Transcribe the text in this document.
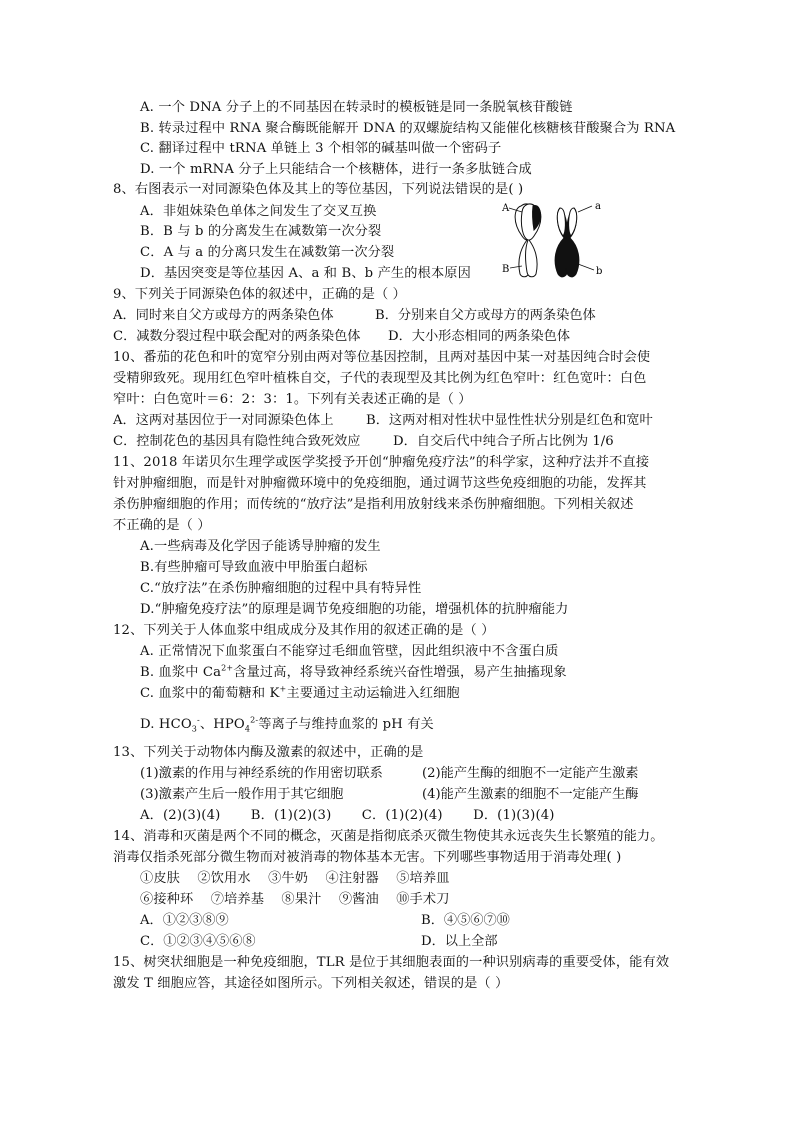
A. 一个 DNA 分子上的不同基因在转录时的模板链是同一条脱氧核苷酸链
B. 转录过程中 RNA 聚合酶既能解开 DNA 的双螺旋结构又能催化核糖核苷酸聚合为 RNA
C. 翻译过程中 tRNA 单链上 3 个相邻的碱基叫做一个密码子
D. 一个 mRNA 分子上只能结合一个核糖体，进行一条多肽链合成
8、右图表示一对同源染色体及其上的等位基因，下列说法错误的是( )
A．非姐妹染色单体之间发生了交叉互换
B．B 与 b 的分离发生在减数第一次分裂
C．A 与 a 的分离只发生在减数第一次分裂
D．基因突变是等位基因 A、a 和 B、b 产生的根本原因
A
B
a
b
9、下列关于同源染色体的叙述中，正确的是（ ）
A．同时来自父方或母方的两条染色体	B．分别来自父方或母方的两条染色体
C．减数分裂过程中联会配对的两条染色体 D．大小形态相同的两条染色体
10、番茄的花色和叶的宽窄分别由两对等位基因控制，且两对基因中某一对基因纯合时会使
受精卵致死。现用红色窄叶植株自交，子代的表现型及其比例为红色窄叶：红色宽叶：白色
窄叶：白色宽叶＝6：2：3：1。下列有关表述正确的是（ ）
A．这两对基因位于一对同源染色体上 B．这两对相对性状中显性性状分别是红色和宽叶
C．控制花色的基因具有隐性纯合致死效应 D．自交后代中纯合子所占比例为 1/6
11、2018 年诺贝尔生理学或医学奖授予开创“肿瘤免疫疗法”的科学家，这种疗法并不直接
针对肿瘤细胞，而是针对肿瘤微环境中的免疫细胞，通过调节这些免疫细胞的功能，发挥其
杀伤肿瘤细胞的作用；而传统的“放疗法”是指利用放射线来杀伤肿瘤细胞。下列相关叙述
不正确的是（ ）
A.一些病毒及化学因子能诱导肿瘤的发生
B.有些肿瘤可导致血液中甲胎蛋白超标
C.“放疗法”在杀伤肿瘤细胞的过程中具有特异性
D.“肿瘤免疫疗法”的原理是调节免疫细胞的功能，增强机体的抗肿瘤能力
12、下列关于人体血浆中组成成分及其作用的叙述正确的是（ ）
A. 正常情况下血浆蛋白不能穿过毛细血管壁，因此组织液中不含蛋白质
B. 血浆中 $Ca^{2+}$含量过高，将导致神经系统兴奋性增强，易产生抽搐现象
C. 血浆中的葡萄糖和 K+主要通过主动运输进入红细胞
D. $HCO_3^-$、$HPO_4^{2-}$等离子与维持血浆的 pH 有关
13、下列关于动物体内酶及激素的叙述中，正确的是
(1)激素的作用与神经系统的作用密切联系	(2)能产生酶的细胞不一定能产生激素
(3)激素产生后一般作用于其它细胞	(4)能产生激素的细胞不一定能产生酶
A．(2)(3)(4)       B．(1)(2)(3)       C．(1)(2)(4)       D．(1)(3)(4)
14、消毒和灭菌是两个不同的概念，灭菌是指彻底杀灭微生物使其永远丧失生长繁殖的能力。
消毒仅指杀死部分微生物而对被消毒的物体基本无害。下列哪些事物适用于消毒处理( )
①皮肤    ②饮用水    ③牛奶    ④注射器    ⑤培养皿
⑥接种环    ⑦培养基    ⑧果汁    ⑨酱油    ⑩手术刀
A．①②③⑧⑨	B．④⑤⑥⑦⑩
C．①②③④⑤⑥⑧	D．以上全部
15、树突状细胞是一种免疫细胞，TLR 是位于其细胞表面的一种识别病毒的重要受体，能有效
激发 T 细胞应答，其途径如图所示。下列相关叙述，错误的是（ ）
